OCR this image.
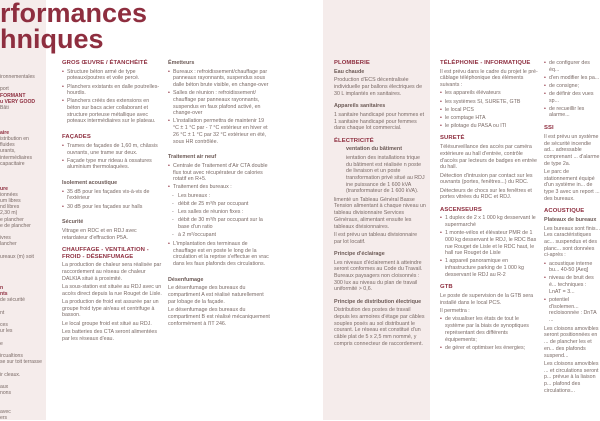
rformances
hniques
ironnementales

port
FORMANT
u VERY GOOD
Bâti

aire
istribution en fluides
urants, intermédiaires
capacitaire

ure
ionnées
um libres
nd libres
2,30 m)
e plancher
e de plancher

ivres
lancher

ureaux (m) soit

n
nts
de sécurité

nt

ces
ur les

e

ircualtions
se sur toit terrasse

ir cleaux.

aux
nons

avec
ers
GROS ŒUVRE / ÉTANCHÉITÉ
• Structure béton armé de type poteaux/poutres et voile percé.
• Planchers existants en dalle poutrelles-hourdis.
• Planchers créés des extensions en béton sur bacs acier collaborant et structure porteuse métallique avec poteaux intermédiaires sur le plateau.
FAÇADES
• Trames de façades de 1,60 m, châssis ouvrants, une trame sur deux.
• Façade type mur rideau à ossatures aluminium thermolaquées.
Isolement acoustique
• 35 dB pour les façades vis-à-vis de l'extérieur
• 30 dB pour les façades sur halls
Sécurité

Vitrage en RDC et en RDJ avec retardateur d'effraction P5A.

CHAUFFAGE - VENTILATION - FROID - DÉSENFUMAGE

La production de chaleur sera réalisée par raccordement au réseau de chaleur DALKIA situé à proximité.

La sous-station est située au RDJ avec un accès direct depuis la rue Rouget de Lisle.

La production de froid est assurée par un groupe froid type air/eau et centrifuge à basson.

Le local groupe froid est situé au RDJ.

Les batteries des CTA seront alimentées par les réseaux d'eau.

Émetteurs
• Bureaux : refroidissement/chauffage par panneaux rayonnants, suspendus sous dalle béton brute visible, en change-over
• Salles de réunion : refroidissement/ chauffage par panneaux rayonnants, suspendus en faux plafond activé, en change-over
• L'installation permettra de maintenir 19 °C ± 1 °C par - 7 °C extérieur en hiver et 26 °C ± 1 °C par 32 °C extérieur en été, sous HR contrôlée.
Traitement air neuf
• Centrale de Traitement d'Air CTA double flux tout avec récupérateur de calories rotatif en R+5.
• Traitement des bureaux :
- Les bureaux :
- débit de 25 m³/h par occupant
- Les salles de réunion fixes :
- débit de 30 m³/h par occupant sur la base d'un ratio
- à 2 m²/occupant
• L'implantation des terminaux de chauffage est en poste le long de la circulation et la reprise s'effectue en vrac dans les faux plafonds des circulations.
Désenfumage

Le désenfumage des bureaux du compartiment A est réalisé naturellement par lobage de la façade.

Le désenfumage des bureaux du compartiment B est réalisé mécaniquement conformément à l'IT 246.

PLOMBERIE
Eau chaude

Production d'ECS décentralisée individuelle par ballons électriques de 30 L implantés en sanitaires.

Appareils sanitaires

1 sanitaire handicapé pour hommes et 1 sanitaire handicapé pour femmes dans chaque lot commercial.

ÉLECTRICITÉ
ventation du bâtiment

ientation des installations trique du bâtiment est réalisée n poste de livraison et un poste transformation privé situé au RDJ ine puissance de 1 600 kVA (transformateur de 1 600 kVA).

limenté un Tableau Général Basse Tension alimentant à chaque niveau un tableau divisionnaire Services Généraux, alimentant ensuite les tableaux divisionnaires.

Il est prévu un tableau divisionnaire par lot locatif.

Principe d'éclairage

Les niveaux d'éclairement à atteindre seront conformes au Code du Travail. Bureaux paysagers non cloisonnés : 300 lux au niveau du plan de travail uniformité > 0,6.

Principe de distribution électrique

Distribution des postes de travail depuis les armoires d'étage par câbles souples posés au sol distribuant le courant. Le réseau est constitué d'un câble plat de 5 x 2,5 mm nommé, y compris connecteur de raccordement.

TÉLÉPHONIE - INFORMATIQUE

Il est prévu dans le cadre du projet le pré-câblage téléphonique des éléments suivants :

• les appareils élévateurs
• les systèmes SI, SURETE, GTB
• le local PCS
• le comptage HTA
• le pilotage du PASA ou ITI
SURETÉ

Télésurveillance des accès par caméra extérieure au hall d'entrée, contrôle d'accès par lecteurs de badges en entrée du hall.

Détection d'intrusion par contact sur les ouvrants (portes, fenêtres...) du RDC.

Détecteurs de chocs sur les fenêtres et portes vitrées du RDC et RDJ.

ASCENSEURS
• 1 duplex de 2 x 1 000 kg desservant le supermarché
• 1 monte-vélos et élévateur PMR de 1 000 kg desservant le RDJ, le RDC Bas rue Rouget de Lisle et le RDC haut, le hall rue Rouget de Lisle
• 1 appareil panoramique en infrastructure parking de 1 000 kg desservant le RDJ au R-2
GTB

Le poste de supervision de la GTB sera installé dans le local PCS.

Il permettra :

• de visualiser les états de tout le système par la biais de synoptiques représentant des différents équipements;
• de gérer et optimiser les énergies;
• de configurer des éq...
• d'en modifier les pa...
• de consigne;
• de définir des vues sp...
• de recueillir les alarme...
SSI

Il est prévu un système de sécurité incendie ad... adressable comprenant ... d'alarme de type 2a.

Le parc de stationnement équipé d'un système in... de type 3 avec un report ... des bureaux.

ACOUSTIQUE
Plateaux de bureaux

Les bureaux sont finis... Les caractéristiques ac... suspendus et des planc... sont données ci-après :

• acoustique interne bu... 40-50 [Aeq]
• niveau de bruit des é... techniques : LnAT = 3...
• potentiel d'isolemen... recloisonnée : DnTA ...

Les cloisons amovibles seront positionnées en ... de plancher les et en... des plafonds suspend...

Les cloisons amovibles ... et circulations seront p... prévue à la liaison p... plafond des circulations...
